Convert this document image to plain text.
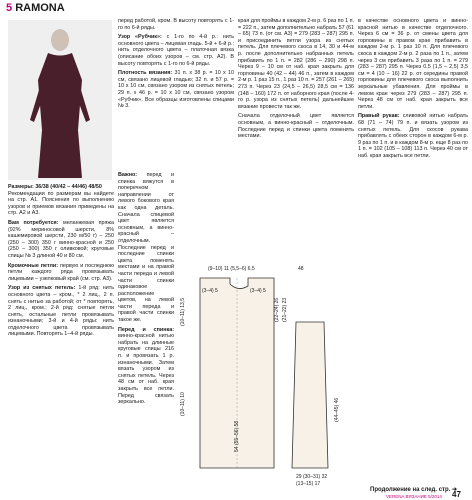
5 RAMONA

Размеры: 36/38 (40/42 – 44/46) 48/50

Рекомендации по размерам вы найдете на стр. А1. Пояснения по выполнению узоров и приемов вязания приведены на стр. А2 и А3.

Вам потребуется: меланжевая пряжа (92% мериносовой шерсти, 8% кашемировой шерсти, 230 м/50 г) – 250 (250 – 300) 350 г винно-красной и 250 (250 – 300) 350 г оливковой; круговые спицы № 3 длиной 40 и 80 см.

Кромочные петли: первую и последнюю петли каждого ряда провязывать лицевыми – узелковый край (см. стр. А3).

Узор из снятых петель: 1-й ряд: нить основного цвета – кром., * 2 лиц., 2 п. снять с нитью за работой; от * повторять, 2 лиц., кром.; 2-й ряд: снятые петли снять, остальные петли провязывать изнаночными; 3-й и 4-й ряды: нить отделочного цвета провязывать лицевыми. Повторять 1–4-й ряды.

перед работой, кром. В высоту повторять с 1-го по 6-й ряды.

Узор «Рубчик»: с 1-го по 4-й р.: нить основного цвета – лицевая гладь. 5-й + 6-й р.: нить отделочного цвета – платочная вязка (описание обоих узоров – см. стр. А2). В высоту повторять с 1-го по 6-й ряды.

Плотность вязания: 31 п. х 38 р. = 10 х 10 см, связано лицевой гладью; 32 п. и 57 р. = 10 х 10 см, связано узором из снятых петель; 29 п. х 46 р. = 10 х 10 см, связано узором «Рубчик». Все образцы изготовлены спицами № 3.

Важно: перед и спинка вяжутся в поперечном направлении от левого бокового края как одна деталь. Сначала спицевой цвет является основным, а винно-красный – отделочным. Последние перед и последние спинки цвета поменять местами и на правой части переда и левой части спинки одинаковое расположение цветов, на левой части переда и правой части спинки такое же.

Перед и спинка: винно-красной нитью набрать на длинные круговые спицы 216 п. и провязать 1 р. изнаночными. Затем вязать узором из снятых петель. Через 48 см от наб. края закрыть все петли. Перед связать зеркально.

края для проймы в каждом 2-м р. 6 раз по 1 п. = 222 п., затем дополнительно набрать 57 (61 – 65) 73 п. (от см. А3) = 279 (283 – 287) 295 п. и присоединить петли узора из снятых петель. Для плечевого скоса в 14, 30 и 44-м р. после дополнительно набранных петель прибавить по 1 п. = 282 (286 – 290) 298 п. Через 9 – 10 см от наб. края закрыть для горловины 40 (42 – 44) 46 п., затем в каждом 2-м р. 1 раз 15 п., 1 раз 10 п. = 257 (261 – 265) 273 п. Через 23 (24,5 – 26,5) 28,5 см = 136 (148 – 160) 172 п. от наборного края (после 4-го р. узора из снятых петель) дальнейшее вязание провести так же.

Сначала отделочный цвет является основным, а винно-красный – отделочным. Последние перед и спинки цвета поменять местами.

в качестве основного цвета и винно-красной нитью в качестве отделочного. Через 6 см = 36 р. от смены цвета для горловины в правом крае прибавить в каждом 2-м р. 1 раз 10 п. Для плечевого скоса в каждом 2-м р. 2 раза по 1 п., затем через 3 см прибавить 3 раза по 1 п. = 279 (283 – 287) 295 п. Через 0,5 (1,5 – 2,5) 3,5 см = 4 (10 – 16) 22 р. от середины правой горловины для плечевого скоса выполнить зеркальные убавления. Для проймы в левом крае через 279 (283 – 287) 295 п. Через 48 см от наб. края закрыть все петли.

Правый рукав: сливовой нитью набрать 68 (71 – 74) 79 п. и вязать узором из снятых петель. Для скосов рукава прибавлять с обеих сторон в каждом 6-м р. 9 раз по 1 п. и в каждом 8-м р. еще 8 раз по 1 п. = 102 (105 – 108) 113 п. Через 40 см от наб. края закрыть все петли.

(9–10) 11 (5,5–6) 6,5	48
(10–11) 13,5
(10–11) 10
(22–24) 26 (21–22) 23
54 (55–56) 58
(44–45) 46
29 (30–31) 32
(13–15) 17
(3–4) 5	(3–4) 5
Продолжение на след. стр. ➔
VERENA ВЯЗАНИЕ 5/2014 47
